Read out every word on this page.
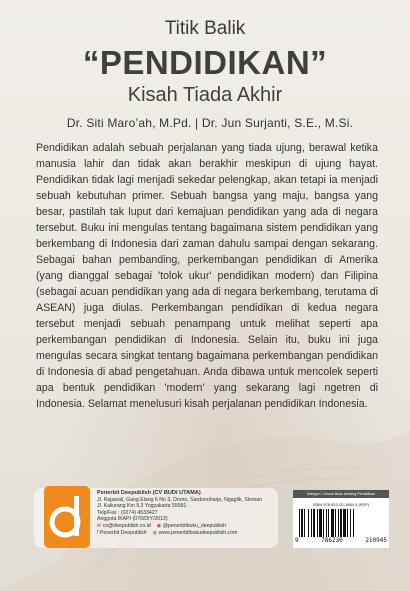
Titik Balik
“PENDIDIKAN”
Kisah Tiada Akhir
Dr. Siti Maro’ah, M.Pd. | Dr. Jun Surjanti, S.E., M.Si.
Pendidikan adalah sebuah perjalanan yang tiada ujung, berawal ketika manusia lahir dan tidak akan berakhir meskipun di ujung hayat. Pendidikan tidak lagi menjadi sekedar pelengkap, akan tetapi ia menjadi sebuah kebutuhan primer. Sebuah bangsa yang maju, bangsa yang besar, pastilah tak luput dari kemajuan pendidikan yang ada di negara tersebut. Buku ini mengulas tentang bagaimana sistem pendidikan yang berkembang di Indonesia dari zaman dahulu sampai dengan sekarang. Sebagai bahan pembanding, perkembangan pendidikan di Amerika (yang dianggal sebagai 'tolok ukur' pendidikan modern) dan Filipina (sebagai acuan pendidikan yang ada di negara berkembang, terutama di ASEAN) juga diulas. Perkembangan pendidikan di kedua negara tersebut menjadi sebuah penampang untuk melihat seperti apa perkembangan pendidikan di Indonesia. Selain itu, buku ini juga mengulas secara singkat tentang bagaimana perkembangan pendidikan di Indonesia di abad pengetahuan. Anda dibawa untuk mencolek seperti apa bentuk pendidikan 'modern' yang sekarang lagi ngetren di Indonesia. Selamat menelusuri kisah perjalanan pendidikan Indonesia.
Penerbit Deepublish (CV BUDI UTAMA)
Jl. Rajawali, Gang Elang 6 No 3, Drono, Sardonoharjo, Ngaglik, Sleman
Jl. Kaliurang Km 9,3 Yogyakarta 55581
Telp/Fax : (0274) 4533427
Anggota IKAPI (076/DIY/2012)
✉ cs@deepublish.co.id ◉ @penerbitbuku_deepublish
f Penerbit Deepublish ◍ www.penerbitbukudeepublish.com
Kategori : Umum Buku tentang Pendidikan
ISBN 978-623-02-1884-5 (PDF)
9	786230	210945
